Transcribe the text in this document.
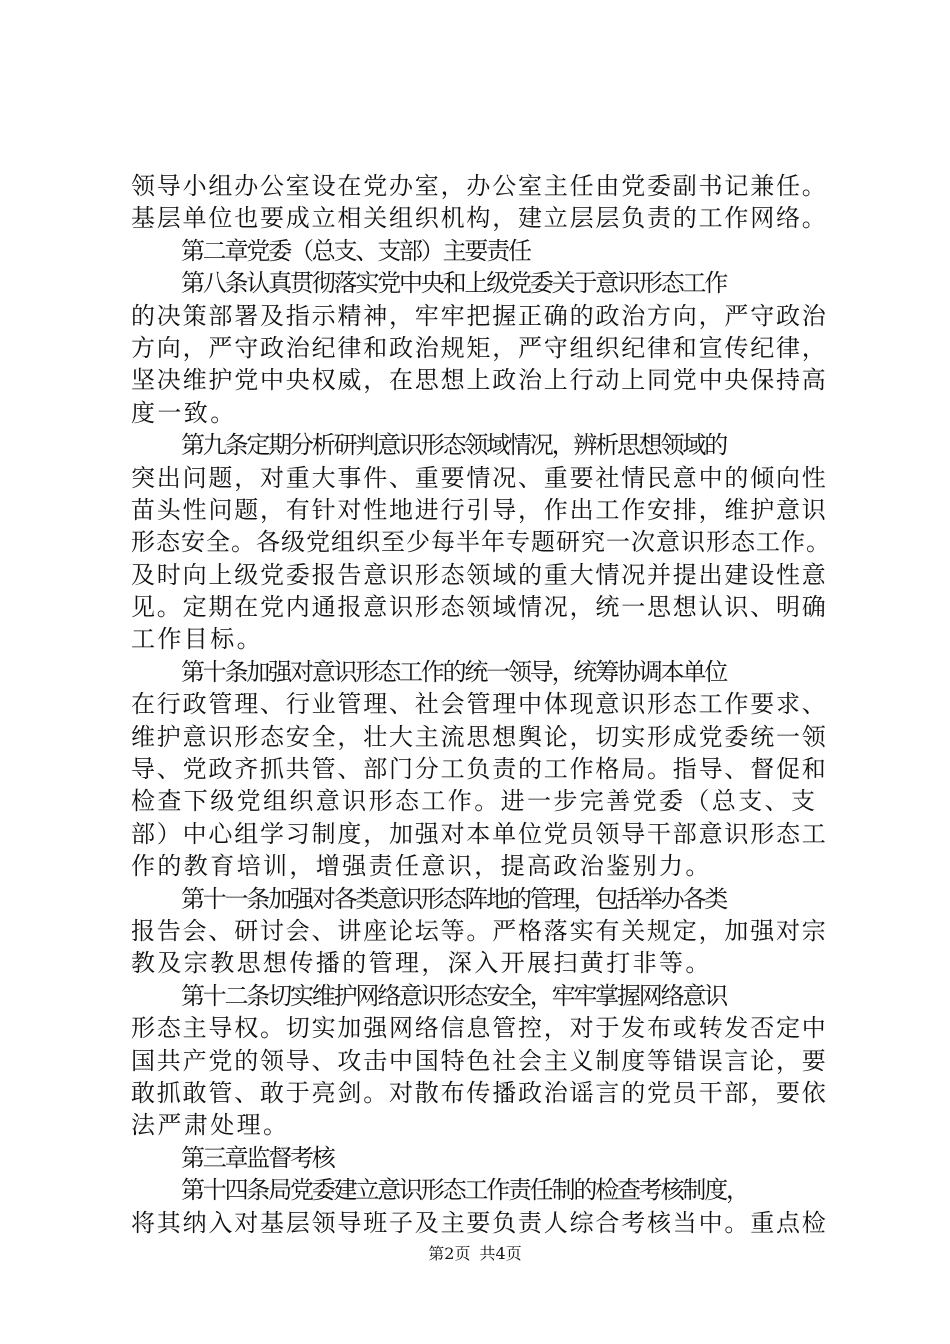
领导小组办公室设在党办室，办公室主任由党委副书记兼任。
基层单位也要成立相关组织机构，建立层层负责的工作网络。
第二章党委（总支、支部）主要责任
第八条认真贯彻落实党中央和上级党委关于意识形态工作
的决策部署及指示精神，牢牢把握正确的政治方向，严守政治
方向，严守政治纪律和政治规矩，严守组织纪律和宣传纪律，
坚决维护党中央权威，在思想上政治上行动上同党中央保持高
度一致。
第九条定期分析研判意识形态领域情况，辨析思想领域的
突出问题，对重大事件、重要情况、重要社情民意中的倾向性
苗头性问题，有针对性地进行引导，作出工作安排，维护意识
形态安全。各级党组织至少每半年专题研究一次意识形态工作。
及时向上级党委报告意识形态领域的重大情况并提出建设性意
见。定期在党内通报意识形态领域情况，统一思想认识、明确
工作目标。
第十条加强对意识形态工作的统一领导，统筹协调本单位
在行政管理、行业管理、社会管理中体现意识形态工作要求、
维护意识形态安全，壮大主流思想舆论，切实形成党委统一领
导、党政齐抓共管、部门分工负责的工作格局。指导、督促和
检查下级党组织意识形态工作。进一步完善党委（总支、支
部）中心组学习制度，加强对本单位党员领导干部意识形态工
作的教育培训，增强责任意识，提高政治鉴别力。
第十一条加强对各类意识形态阵地的管理，包括举办各类
报告会、研讨会、讲座论坛等。严格落实有关规定，加强对宗
教及宗教思想传播的管理，深入开展扫黄打非等。
第十二条切实维护网络意识形态安全，牢牢掌握网络意识
形态主导权。切实加强网络信息管控，对于发布或转发否定中
国共产党的领导、攻击中国特色社会主义制度等错误言论，要
敢抓敢管、敢于亮剑。对散布传播政治谣言的党员干部，要依
法严肃处理。
第三章监督考核
第十四条局党委建立意识形态工作责任制的检查考核制度，
将其纳入对基层领导班子及主要负责人综合考核当中。重点检
第2页 共4页
